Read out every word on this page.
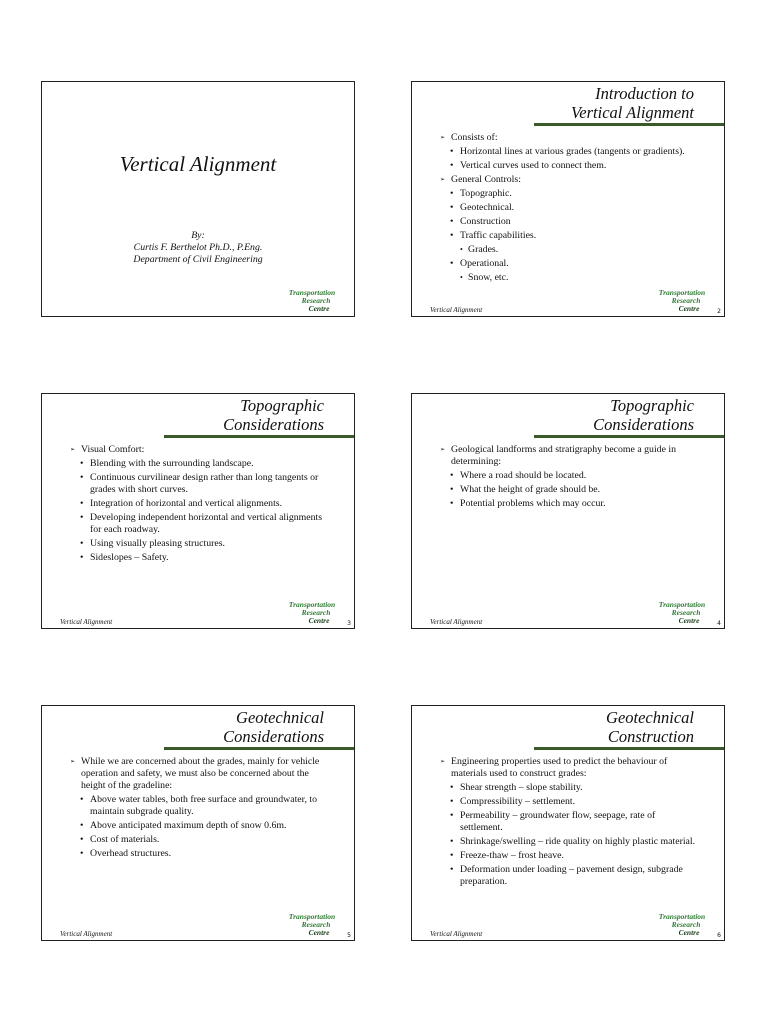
Vertical Alignment
By:
Curtis F. Berthelot Ph.D., P.Eng.
Department of Civil Engineering
Transportation
Research
Centre
Introduction to
Vertical Alignment
➢ Consists of:
• Horizontal lines at various grades (tangents or gradients).
• Vertical curves used to connect them.
➢ General Controls:
• Topographic.
• Geotechnical.
• Construction
• Traffic capabilities.
• Grades.
• Operational.
• Snow, etc.
Vertical Alignment
Transportation
Research
Centre	2
Topographic
Considerations
➢ Visual Comfort:
• Blending with the surrounding landscape.
• Continuous curvilinear design rather than long tangents or grades with short curves.
• Integration of horizontal and vertical alignments.
• Developing independent horizontal and vertical alignments for each roadway.
• Using visually pleasing structures.
• Sideslopes – Safety.
Vertical Alignment
Transportation
Research
Centre	3
Topographic
Considerations
➢ Geological landforms and stratigraphy become a guide in determining:
• Where a road should be located.
• What the height of grade should be.
• Potential problems which may occur.
Vertical Alignment
Transportation
Research
Centre	4
Geotechnical
Considerations
➢ While we are concerned about the grades, mainly for vehicle operation and safety, we must also be concerned about the height of the gradeline:
• Above water tables, both free surface and groundwater, to maintain subgrade quality.
• Above anticipated maximum depth of snow 0.6m.
• Cost of materials.
• Overhead structures.
Vertical Alignment
Transportation
Research
Centre	5
Geotechnical
Construction
➢ Engineering properties used to predict the behaviour of materials used to construct grades:
• Shear strength – slope stability.
• Compressibility – settlement.
• Permeability – groundwater flow, seepage, rate of settlement.
• Shrinkage/swelling – ride quality on highly plastic material.
• Freeze-thaw – frost heave.
• Deformation under loading – pavement design, subgrade preparation.
Vertical Alignment
Transportation
Research
Centre	6
